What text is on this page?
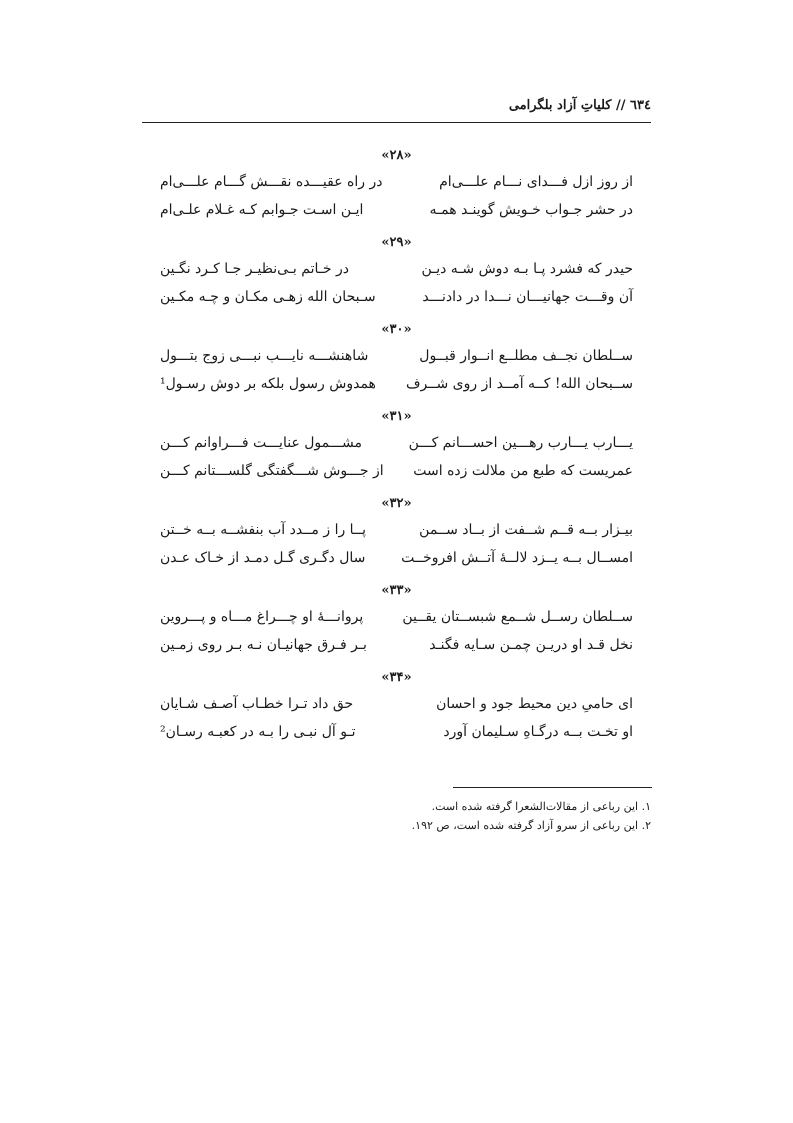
٦٣٤ // کلیاتِ آزاد بلگرامی
«۲۸»
از روز ازل فـــدای نـــام علـــی‌ام
در راه عقیـــده نقـــش گـــام علـــی‌ام
در حشر جـواب خـویش گوینـد همـه
ایـن اسـت جـوابم کـه غـلام علـی‌ام
«۲۹»
حیدر که فشرد پـا بـه دوش شـه دیـن
در خـاتم بـی‌نظیـر جـا کـرد نگـین
آن وقـــت جهانیـــان نـــدا در دادنـــد
سـبحان الله زهـی مکـان و چـه مکـین
«۳۰»
ســلطان نجــف مطلــع انــوار قبــول
شاهنشـــه نایـــب نبـــی زوج بتـــول
ســبحان الله! کــه آمــد از روی شــرف
همدوش رسول بلکه بر دوش رسـول¹
«۳۱»
یـــارب یـــارب رهـــین احســـانم کـــن
مشـــمول عنایـــت فـــراوانم کـــن
عمریست که طبع من ملالت زده است
از جـــوش شـــگفتگی گلســـتانم کـــن
«۳۲»
بیـزار بــه قــم شــفت از بــاد ســمن
پــا را ز مــدد آب بنفشــه بــه خــتن
امســال بــه یــزد لالــهٔ آتــش افروخــت
سال دگـری گـل دمـد از خـاک عـدن
«۳۳»
ســلطان رســل شــمع شبســتان یقــین
پروانـــهٔ او چـــراغ مـــاه و پـــروین
نخل قـد او دریـن چمـن سـایه فگنـد
بـر فـرق جهانیـان نـه بـر روی زمـین
«۳۴»
ای حامیِ دین محیط جود و احسان
حق داد تـرا خطـاب آصـف شـایان
او تخـت بــه درگـاهِ سـلیمان آورد
تـو آل نبـی را بـه در کعبـه رسـان²
۱. این رباعی از مقالات‌الشعرا گرفته شده است.
۲. این رباعی از سرو آزاد گرفته شده است، ص ۱۹۲.
